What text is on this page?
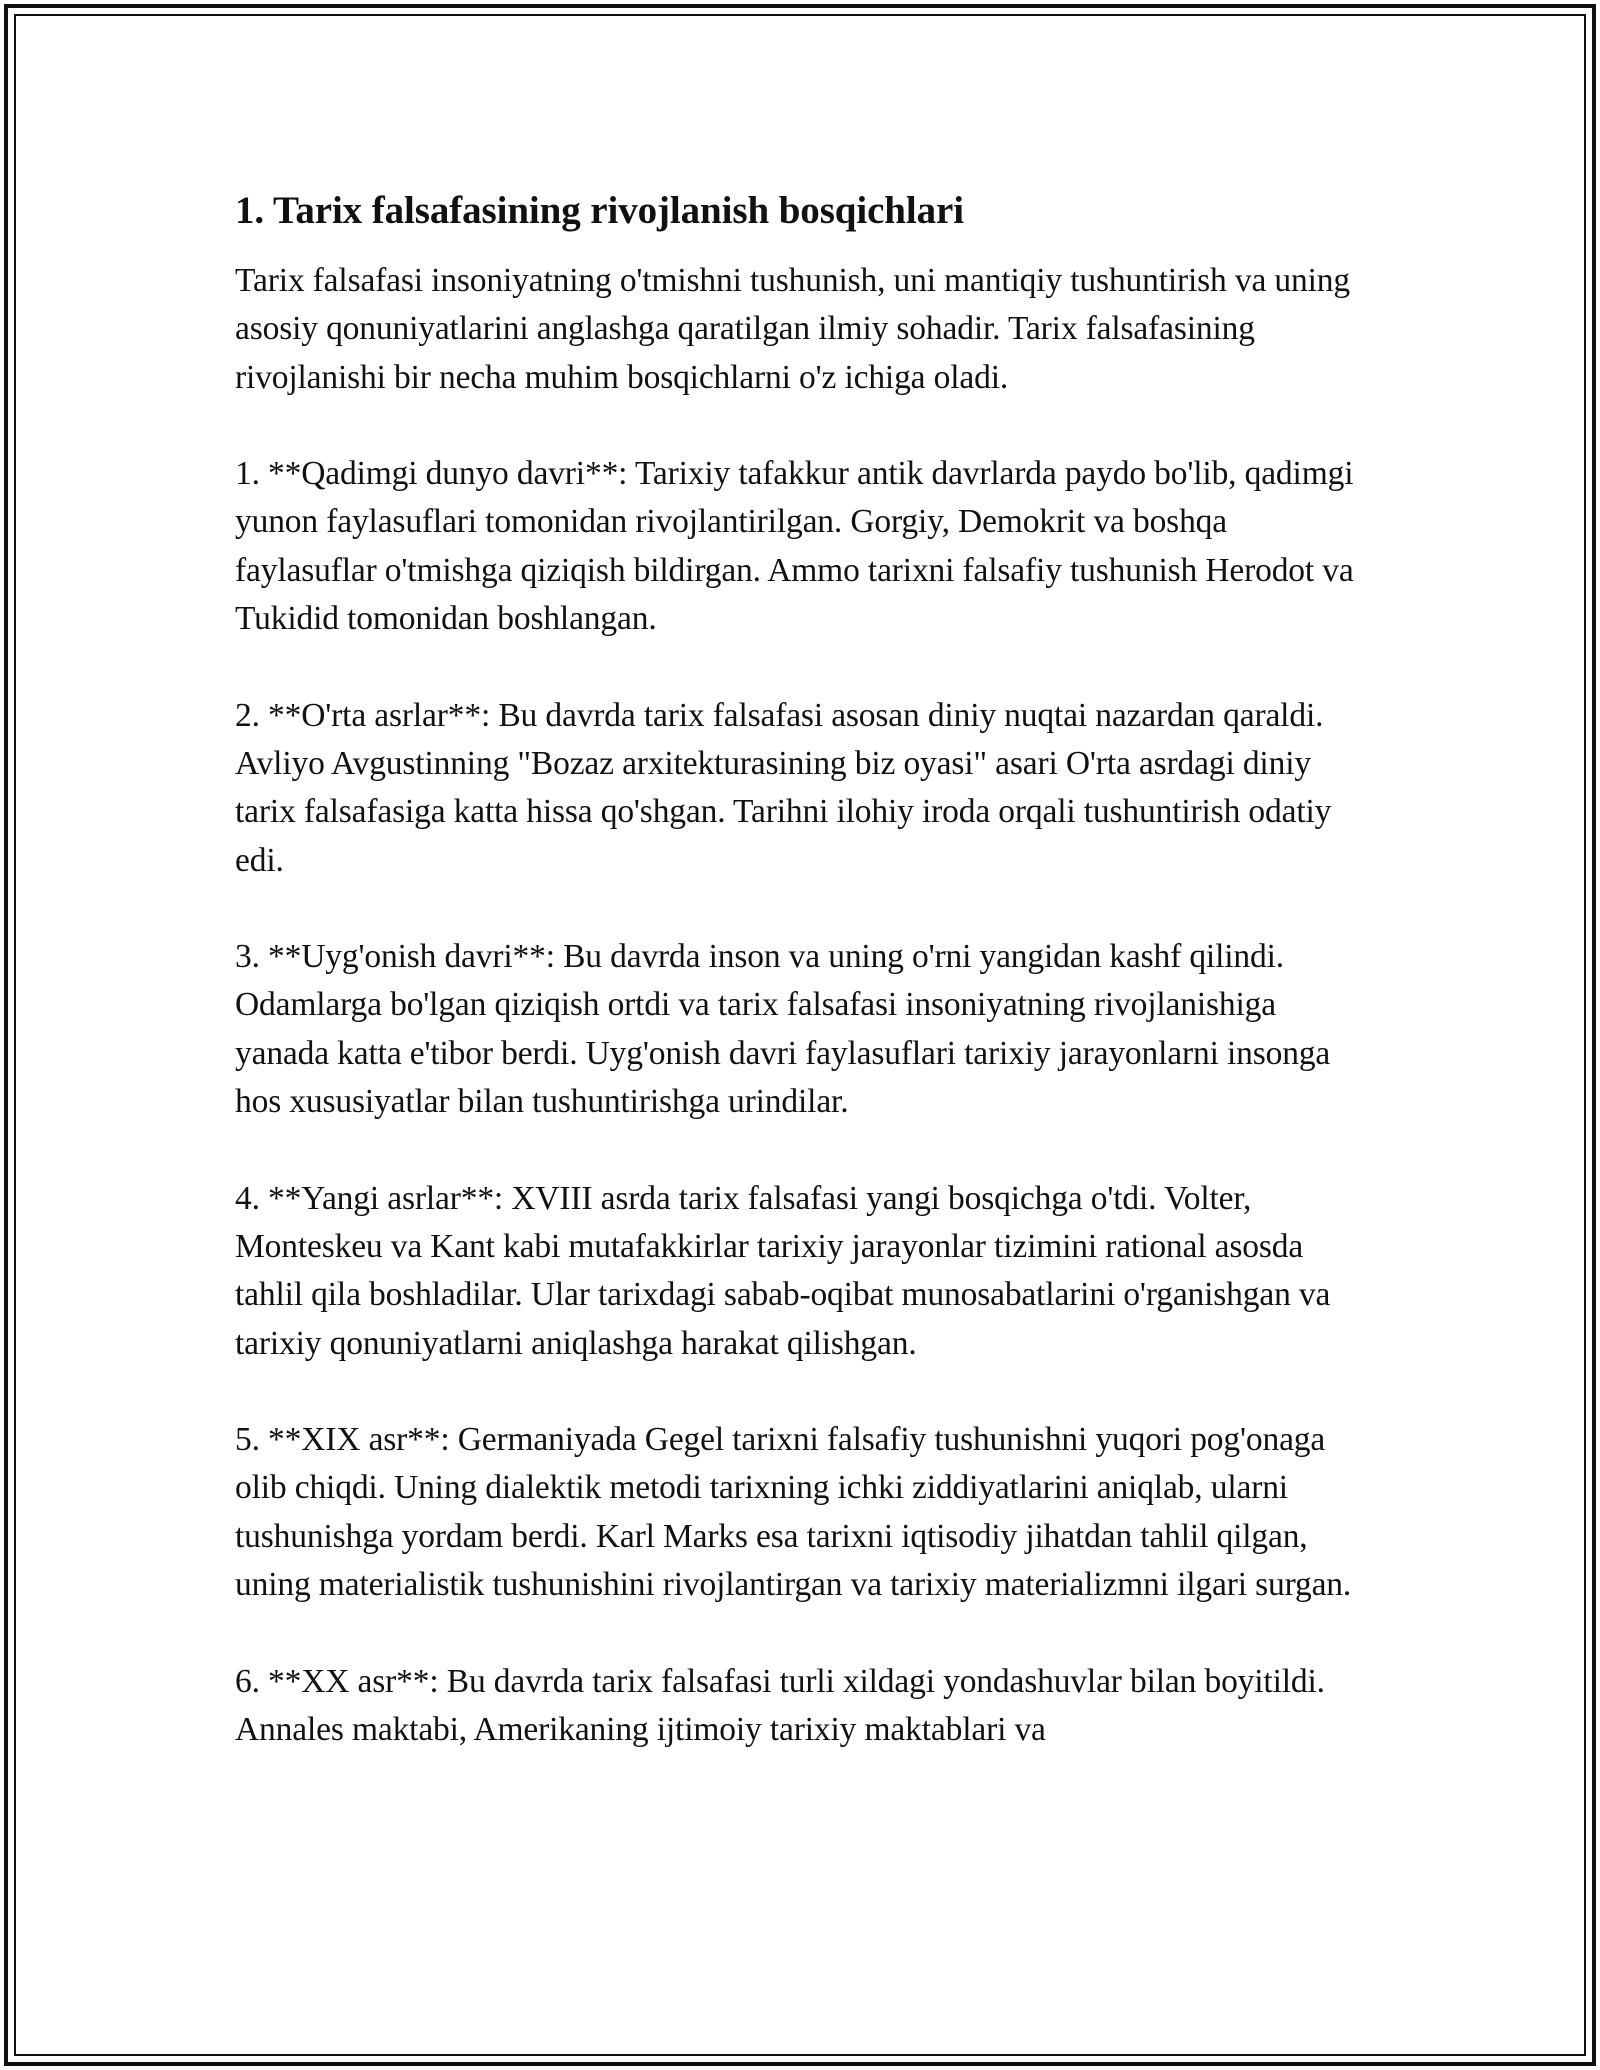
1. Tarix falsafasining rivojlanish bosqichlari

Tarix falsafasi insoniyatning o'tmishni tushunish, uni mantiqiy tushuntirish va uning asosiy qonuniyatlarini anglashga qaratilgan ilmiy sohadir. Tarix falsafasining rivojlanishi bir necha muhim bosqichlarni o'z ichiga oladi.

1. **Qadimgi dunyo davri**: Tarixiy tafakkur antik davrlarda paydo bo'lib, qadimgi yunon faylasuflari tomonidan rivojlantirilgan. Gorgiy, Demokrit va boshqa faylasuflar o'tmishga qiziqish bildirgan. Ammo tarixni falsafiy tushunish Herodot va Tukidid tomonidan boshlangan.

2. **O'rta asrlar**: Bu davrda tarix falsafasi asosan diniy nuqtai nazardan qaraldi. Avliyo Avgustinning "Bozaz arxitekturasining biz oyasi" asari O'rta asrdagi diniy tarix falsafasiga katta hissa qo'shgan. Tarihni ilohiy iroda orqali tushuntirish odatiy edi.

3. **Uyg'onish davri**: Bu davrda inson va uning o'rni yangidan kashf qilindi. Odamlarga bo'lgan qiziqish ortdi va tarix falsafasi insoniyatning rivojlanishiga yanada katta e'tibor berdi. Uyg'onish davri faylasuflari tarixiy jarayonlarni insonga hos xususiyatlar bilan tushuntirishga urindilar.

4. **Yangi asrlar**: XVIII asrda tarix falsafasi yangi bosqichga o'tdi. Volter, Monteskeu va Kant kabi mutafakkirlar tarixiy jarayonlar tizimini rational asosda tahlil qila boshladilar. Ular tarixdagi sabab-oqibat munosabatlarini o'rganishgan va tarixiy qonuniyatlarni aniqlashga harakat qilishgan.

5. **XIX asr**: Germaniyada Gegel tarixni falsafiy tushunishni yuqori pog'onaga olib chiqdi. Uning dialektik metodi tarixning ichki ziddiyatlarini aniqlab, ularni tushunishga yordam berdi. Karl Marks esa tarixni iqtisodiy jihatdan tahlil qilgan, uning materialistik tushunishini rivojlantirgan va tarixiy materializmni ilgari surgan.

6. **XX asr**: Bu davrda tarix falsafasi turli xildagi yondashuvlar bilan boyitildi. Annales maktabi, Amerikaning ijtimoiy tarixiy maktablari va
